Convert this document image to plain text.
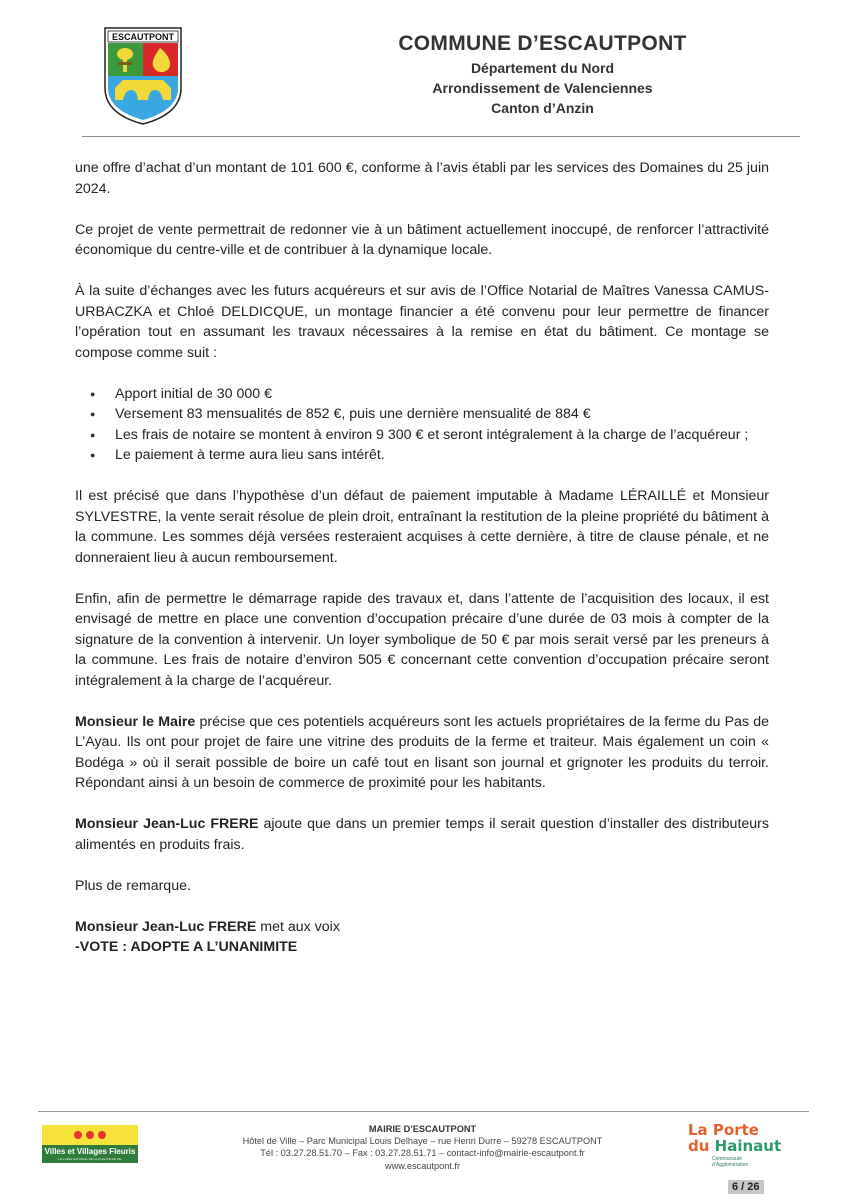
ESCAUTPONT	COMMUNE D’ESCAUTPONT
Département du Nord
Arrondissement de Valenciennes
Canton d’Anzin

une offre d’achat d’un montant de 101 600 €, conforme à l’avis établi par les services des Domaines du 25 juin 2024.

Ce projet de vente permettrait de redonner vie à un bâtiment actuellement inoccupé, de renforcer l’attractivité économique du centre-ville et de contribuer à la dynamique locale.

À la suite d’échanges avec les futurs acquéreurs et sur avis de l’Office Notarial de Maîtres Vanessa CAMUS-URBACZKA et Chloé DELDICQUE, un montage financier a été convenu pour leur permettre de financer l’opération tout en assumant les travaux nécessaires à la remise en état du bâtiment. Ce montage se compose comme suit :

● Apport initial de 30 000 €
● Versement 83 mensualités de 852 €, puis une dernière mensualité de 884 €
● Les frais de notaire se montent à environ 9 300 € et seront intégralement à la charge de l’acquéreur ;
● Le paiement à terme aura lieu sans intérêt.

Il est précisé que dans l’hypothèse d’un défaut de paiement imputable à Madame LÉRAILLÉ et Monsieur SYLVESTRE, la vente serait résolue de plein droit, entraînant la restitution de la pleine propriété du bâtiment à la commune. Les sommes déjà versées resteraient acquises à cette dernière, à titre de clause pénale, et ne donneraient lieu à aucun remboursement.

Enfin, afin de permettre le démarrage rapide des travaux et, dans l’attente de l’acquisition des locaux, il est envisagé de mettre en place une convention d’occupation précaire d’une durée de 03 mois à compter de la signature de la convention à intervenir. Un loyer symbolique de 50 € par mois serait versé par les preneurs à la commune. Les frais de notaire d’environ 505 € concernant cette convention d’occupation précaire seront intégralement à la charge de l’acquéreur.

Monsieur le Maire précise que ces potentiels acquéreurs sont les actuels propriétaires de la ferme du Pas de L’Ayau. Ils ont pour projet de faire une vitrine des produits de la ferme et traiteur. Mais également un coin « Bodéga » où il serait possible de boire un café tout en lisant son journal et grignoter les produits du terroir. Répondant ainsi à un besoin de commerce de proximité pour les habitants.

Monsieur Jean-Luc FRERE ajoute que dans un premier temps il serait question d’installer des distributeurs alimentés en produits frais.

Plus de remarque.

Monsieur Jean-Luc FRERE met aux voix

-VOTE : ADOPTE A L’UNANIMITE

Villes et Villages Fleuris
LE LABEL NATIONAL DE LA QUALITÉ DE VIE
MAIRIE D’ESCAUTPONT
Hôtel de Ville – Parc Municipal Louis Delhaye – rue Henri Durre – 59278 ESCAUTPONT
Tél : 03.27.28.51.70 – Fax : 03.27.28.51.71 – contact-info@mairie-escautpont.fr
www.escautpont.fr
La Porte
du Hainaut
Communauté
d’Agglomération
6 / 26
